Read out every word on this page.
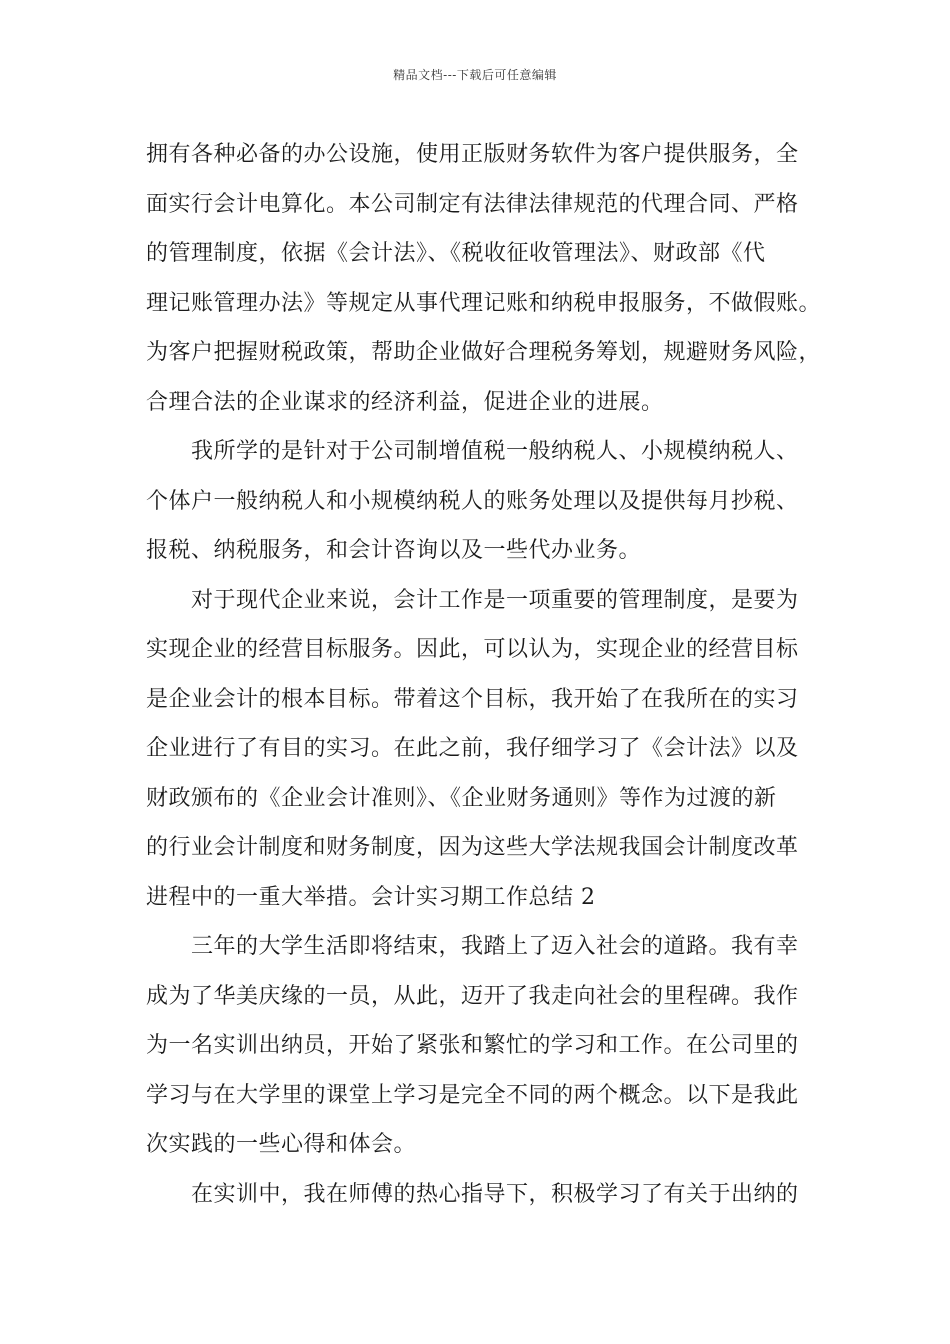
精品文档---下载后可任意编辑
拥有各种必备的办公设施，使用正版财务软件为客户提供服务，全
面实行会计电算化。本公司制定有法律法律规范的代理合同、严格
的管理制度，依据《会计法》、《税收征收管理法》、财政部《代
理记账管理办法》等规定从事代理记账和纳税申报服务，不做假账。
为客户把握财税政策，帮助企业做好合理税务筹划，规避财务风险，
合理合法的企业谋求的经济利益，促进企业的进展。
我所学的是针对于公司制增值税一般纳税人、小规模纳税人、
个体户一般纳税人和小规模纳税人的账务处理以及提供每月抄税、
报税、纳税服务，和会计咨询以及一些代办业务。
对于现代企业来说，会计工作是一项重要的管理制度，是要为
实现企业的经营目标服务。因此，可以认为，实现企业的经营目标
是企业会计的根本目标。带着这个目标，我开始了在我所在的实习
企业进行了有目的实习。在此之前，我仔细学习了《会计法》以及
财政颁布的《企业会计准则》、《企业财务通则》等作为过渡的新
的行业会计制度和财务制度，因为这些大学法规我国会计制度改革
进程中的一重大举措。会计实习期工作总结 2
三年的大学生活即将结束，我踏上了迈入社会的道路。我有幸
成为了华美庆缘的一员，从此，迈开了我走向社会的里程碑。我作
为一名实训出纳员，开始了紧张和繁忙的学习和工作。在公司里的
学习与在大学里的课堂上学习是完全不同的两个概念。以下是我此
次实践的一些心得和体会。
在实训中，我在师傅的热心指导下，积极学习了有关于出纳的
